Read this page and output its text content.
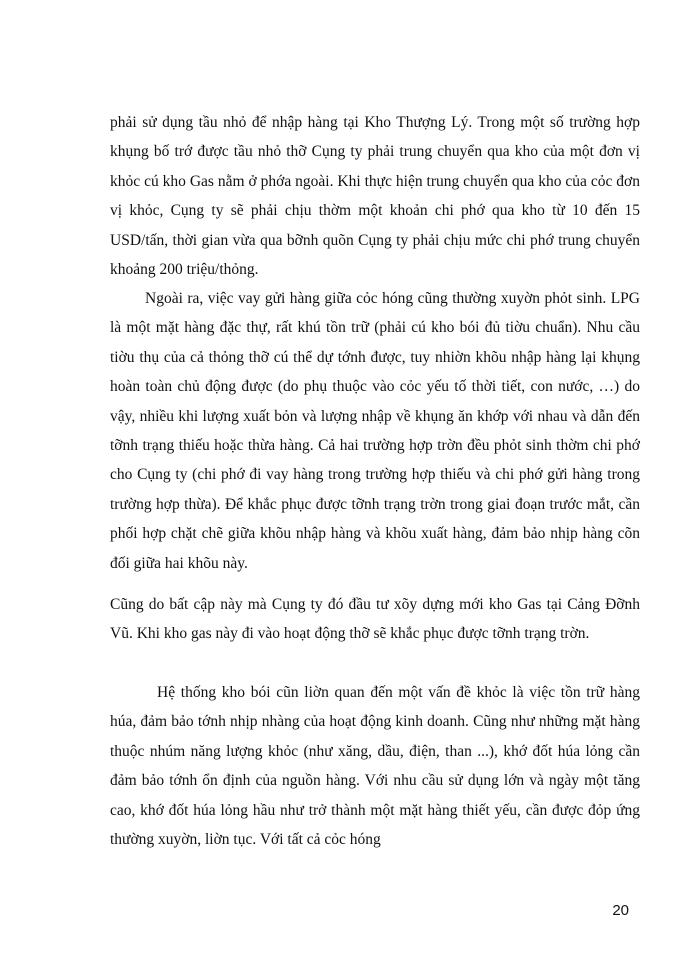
phải sử dụng tầu nhỏ để nhập hàng tại Kho Thượng Lý. Trong một số trường hợp khụng bố trớ được tầu nhỏ thỡ Cụng ty phải trung chuyển qua kho của một đơn vị khỏc cú kho Gas nằm ở phớa ngoài. Khi thực hiện trung chuyển qua kho của cỏc đơn vị khỏc, Cụng ty sẽ phải chịu thờm một khoản chi phớ qua kho từ 10 đến 15 USD/tấn, thời gian vừa qua bỡnh quõn Cụng ty phải chịu mức chi phớ trung chuyển khoảng 200 triệu/thỏng.

Ngoài ra, việc vay gửi hàng giữa cỏc hóng cũng thường xuyờn phỏt sinh. LPG là một mặt hàng đặc thự, rất khú tồn trữ (phải cú kho bói đủ tiờu chuẩn). Nhu cầu tiờu thụ của cả thỏng thỡ cú thể dự tớnh được, tuy nhiờn khõu nhập hàng lại khụng hoàn toàn chủ động được (do phụ thuộc vào cỏc yếu tố thời tiết, con nước, …) do vậy, nhiều khi lượng xuất bỏn và lượng nhập về khụng ăn khớp với nhau và dẫn đến tỡnh trạng thiếu hoặc thừa hàng. Cả hai trường hợp trờn đều phỏt sinh thờm chi phớ cho Cụng ty (chi phớ đi vay hàng trong trường hợp thiếu và chi phớ gửi hàng trong trường hợp thừa). Để khắc phục được tỡnh trạng trờn trong giai đoạn trước mắt, cần phối hợp chặt chẽ giữa khõu nhập hàng và khõu xuất hàng, đảm bảo nhịp hàng cõn đối giữa hai khõu này.

Cũng do bất cập này mà Cụng ty đó đầu tư xõy dựng mới kho Gas tại Cảng Đỡnh Vũ. Khi kho gas này đi vào hoạt động thỡ sẽ khắc phục được tỡnh trạng trờn.

Hệ thống kho bói cũn liờn quan đến một vấn đề khỏc là việc tồn trữ hàng húa, đảm bảo tớnh nhịp nhàng của hoạt động kinh doanh. Cũng như những mặt hàng thuộc nhúm năng lượng khỏc (như xăng, dầu, điện, than ...), khớ đốt húa lỏng cần đảm bảo tớnh ổn định của nguồn hàng. Với nhu cầu sử dụng lớn và ngày một tăng cao, khớ đốt húa lỏng hầu như trở thành một mặt hàng thiết yếu, cần được đỏp ứng thường xuyờn, liờn tục. Với tất cả cỏc hóng

20
